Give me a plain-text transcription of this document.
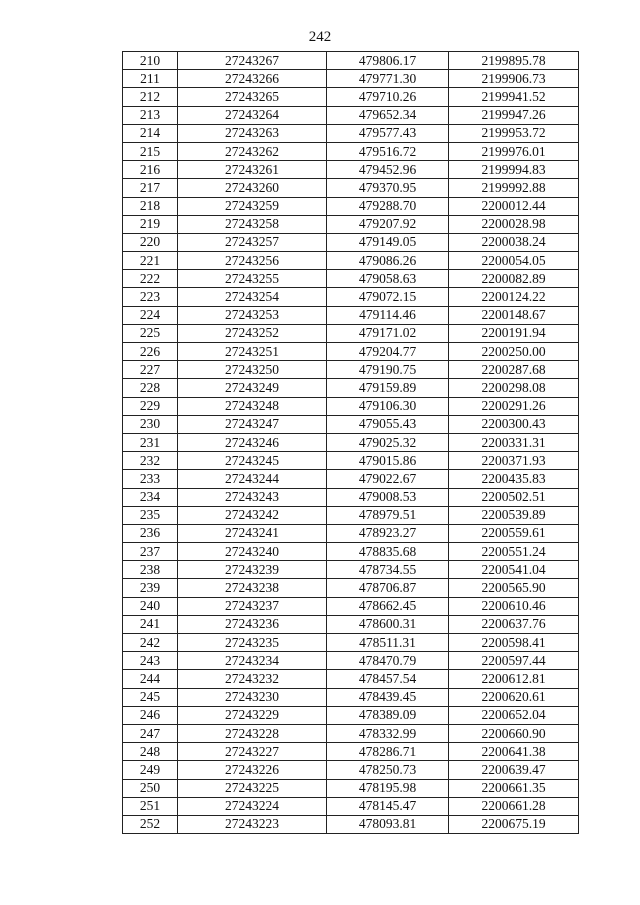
242
210	27243267	479806.17	2199895.78
211	27243266	479771.30	2199906.73
212	27243265	479710.26	2199941.52
213	27243264	479652.34	2199947.26
214	27243263	479577.43	2199953.72
215	27243262	479516.72	2199976.01
216	27243261	479452.96	2199994.83
217	27243260	479370.95	2199992.88
218	27243259	479288.70	2200012.44
219	27243258	479207.92	2200028.98
220	27243257	479149.05	2200038.24
221	27243256	479086.26	2200054.05
222	27243255	479058.63	2200082.89
223	27243254	479072.15	2200124.22
224	27243253	479114.46	2200148.67
225	27243252	479171.02	2200191.94
226	27243251	479204.77	2200250.00
227	27243250	479190.75	2200287.68
228	27243249	479159.89	2200298.08
229	27243248	479106.30	2200291.26
230	27243247	479055.43	2200300.43
231	27243246	479025.32	2200331.31
232	27243245	479015.86	2200371.93
233	27243244	479022.67	2200435.83
234	27243243	479008.53	2200502.51
235	27243242	478979.51	2200539.89
236	27243241	478923.27	2200559.61
237	27243240	478835.68	2200551.24
238	27243239	478734.55	2200541.04
239	27243238	478706.87	2200565.90
240	27243237	478662.45	2200610.46
241	27243236	478600.31	2200637.76
242	27243235	478511.31	2200598.41
243	27243234	478470.79	2200597.44
244	27243232	478457.54	2200612.81
245	27243230	478439.45	2200620.61
246	27243229	478389.09	2200652.04
247	27243228	478332.99	2200660.90
248	27243227	478286.71	2200641.38
249	27243226	478250.73	2200639.47
250	27243225	478195.98	2200661.35
251	27243224	478145.47	2200661.28
252	27243223	478093.81	2200675.19
